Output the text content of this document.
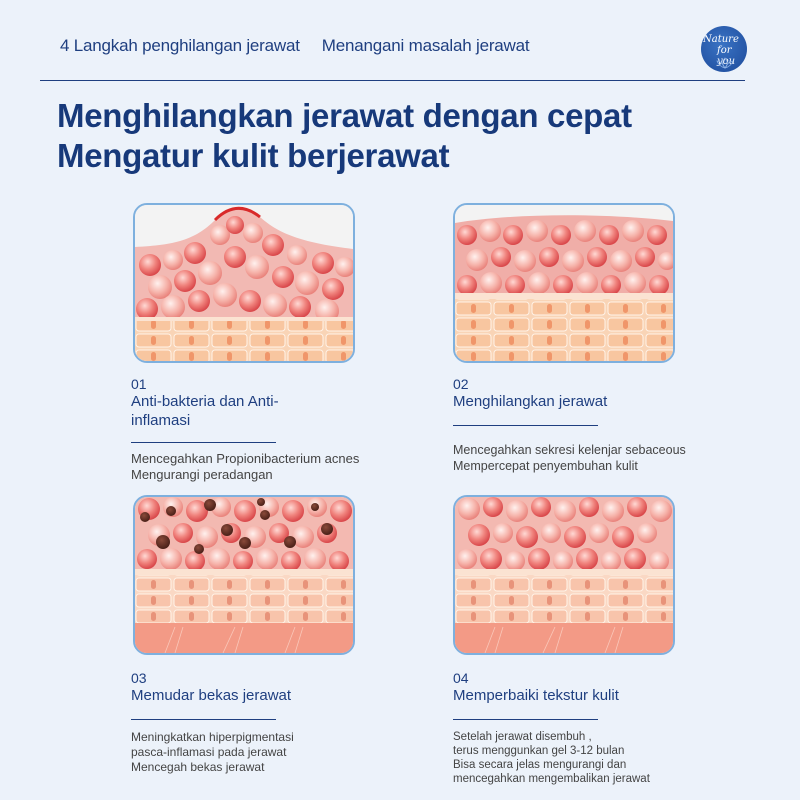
4 Langkah penghilangan jerawat Menangani masalah jerawat	Nature
for you
Menghilangkan jerawat dengan cepat
Mengatur kulit berjerawat
01
Anti-bakteria dan Anti-
inflamasi
Mencegahkan Propionibacterium acnes
Mengurangi peradangan
02
Menghilangkan jerawat
Mencegahkan sekresi kelenjar sebaceous
Mempercepat penyembuhan kulit
03
Memudar bekas jerawat
Meningkatkan hiperpigmentasi
pasca-inflamasi pada jerawat
Mencegah bekas jerawat
04
Memperbaiki tekstur kulit
Setelah jerawat disembuh ,
terus menggunkan gel 3-12 bulan
Bisa secara jelas mengurangi dan
mencegahkan mengembalikan jerawat
